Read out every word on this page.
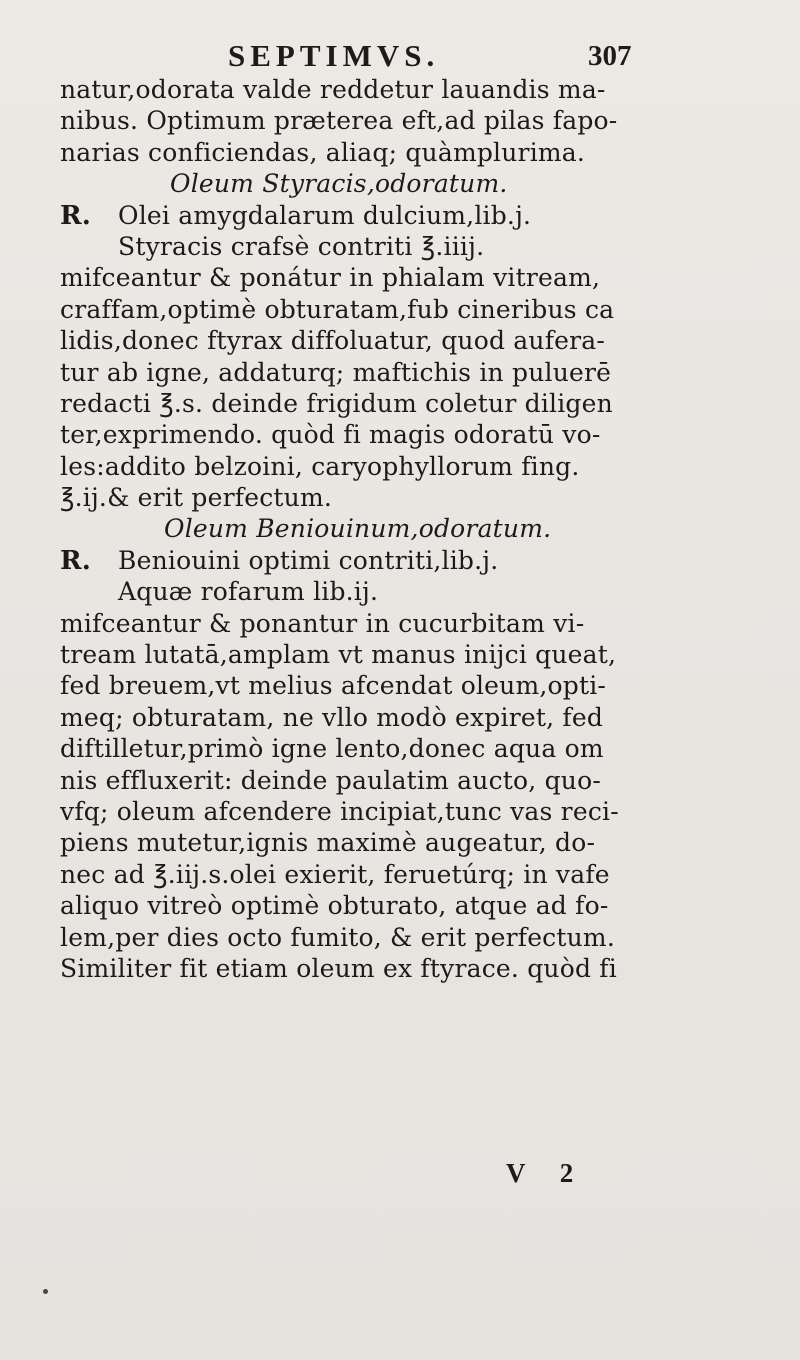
SEPTIMVS.	307
natur,odorata valde reddetur lauandis ma-
nibus. Optimum præterea eft,ad pilas fapo-
narias conficiendas, aliaq; quàmplurima.
Oleum Styracis,odoratum.
R. Olei amygdalarum dulcium,lib.j.
Styracis crafsè contriti ℥.iiij.
mifceantur & ponátur in phialam vitream,
craffam,optimè obturatam,fub cineribus ca
lidis,donec ftyrax diffoluatur, quod aufera-
tur ab igne, addaturq; maftichis in puluerē
redacti ℥.s. deinde frigidum coletur diligen
ter,exprimendo. quòd fi magis odoratū vo-
les:addito belzoini, caryophyllorum fing.
℥.ij.& erit perfectum.
Oleum Beniouinum,odoratum.
R. Beniouini optimi contriti,lib.j.
Aquæ rofarum lib.ij.
mifceantur & ponantur in cucurbitam vi-
tream lutatā,amplam vt manus inijci queat,
fed breuem,vt melius afcendat oleum,opti-
meq; obturatam, ne vllo modò expiret, fed
diftilletur,primò igne lento,donec aqua om
nis effluxerit: deinde paulatim aucto, quo-
vfq; oleum afcendere incipiat,tunc vas reci-
piens mutetur,ignis maximè augeatur, do-
nec ad ℥.iij.s.olei exierit, feruetúrq; in vafe
aliquo vitreò optimè obturato, atque ad fo-
lem,per dies octo fumito, & erit perfectum.
Similiter fit etiam oleum ex ftyrace. quòd fi
V 2
